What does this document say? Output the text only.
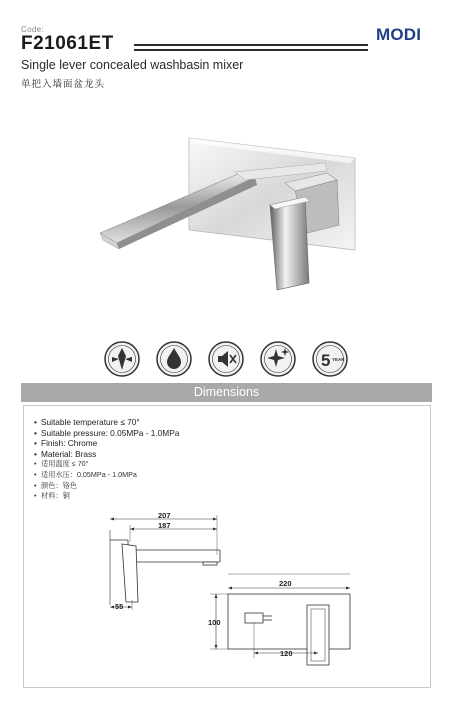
Code:
F21061ET	MODI
Single lever concealed washbasin mixer
单把入墙面盆龙头
5 YEAR
Dimensions
• Suitable temperature ≤ 70°
• Suitable pressure: 0.05MPa - 1.0MPa
• Finish: Chrome
• Material: Brass
• 适用温度 ≤ 70°
• 适用水压：0.05MPa - 1.0MPa
• 颜色：铬色
• 材料：铜
207
187
55
220
100
120
